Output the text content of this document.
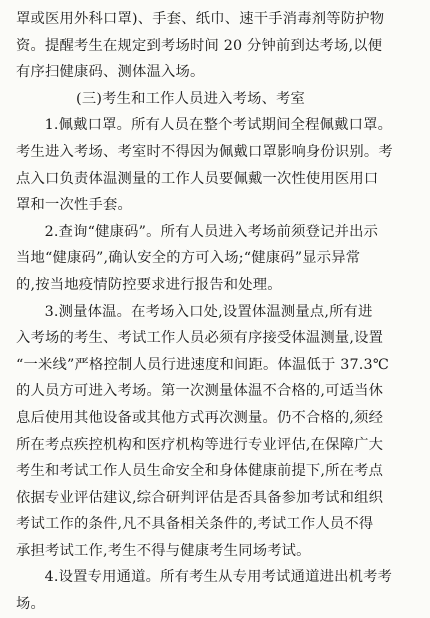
罩或医用外科口罩)、手套、纸巾、速干手消毒剂等防护物
资。提醒考生在规定到考场时间 20 分钟前到达考场,以便
有序扫健康码、测体温入场。
(三)考生和工作人员进入考场、考室
1.佩戴口罩。所有人员在整个考试期间全程佩戴口罩。
考生进入考场、考室时不得因为佩戴口罩影响身份识别。考
点入口负责体温测量的工作人员要佩戴一次性使用医用口
罩和一次性手套。
2.查询“健康码”。所有人员进入考场前须登记并出示
当地“健康码”,确认安全的方可入场;“健康码”显示异常
的,按当地疫情防控要求进行报告和处理。
3.测量体温。在考场入口处,设置体温测量点,所有进
入考场的考生、考试工作人员必须有序接受体温测量,设置
“一米线”严格控制人员行进速度和间距。体温低于 37.3℃
的人员方可进入考场。第一次测量体温不合格的,可适当休
息后使用其他设备或其他方式再次测量。仍不合格的,须经
所在考点疾控机构和医疗机构等进行专业评估,在保障广大
考生和考试工作人员生命安全和身体健康前提下,所在考点
依据专业评估建议,综合研判评估是否具备参加考试和组织
考试工作的条件,凡不具备相关条件的,考试工作人员不得
承担考试工作,考生不得与健康考生同场考试。
4.设置专用通道。所有考生从专用考试通道进出机考考
场。
